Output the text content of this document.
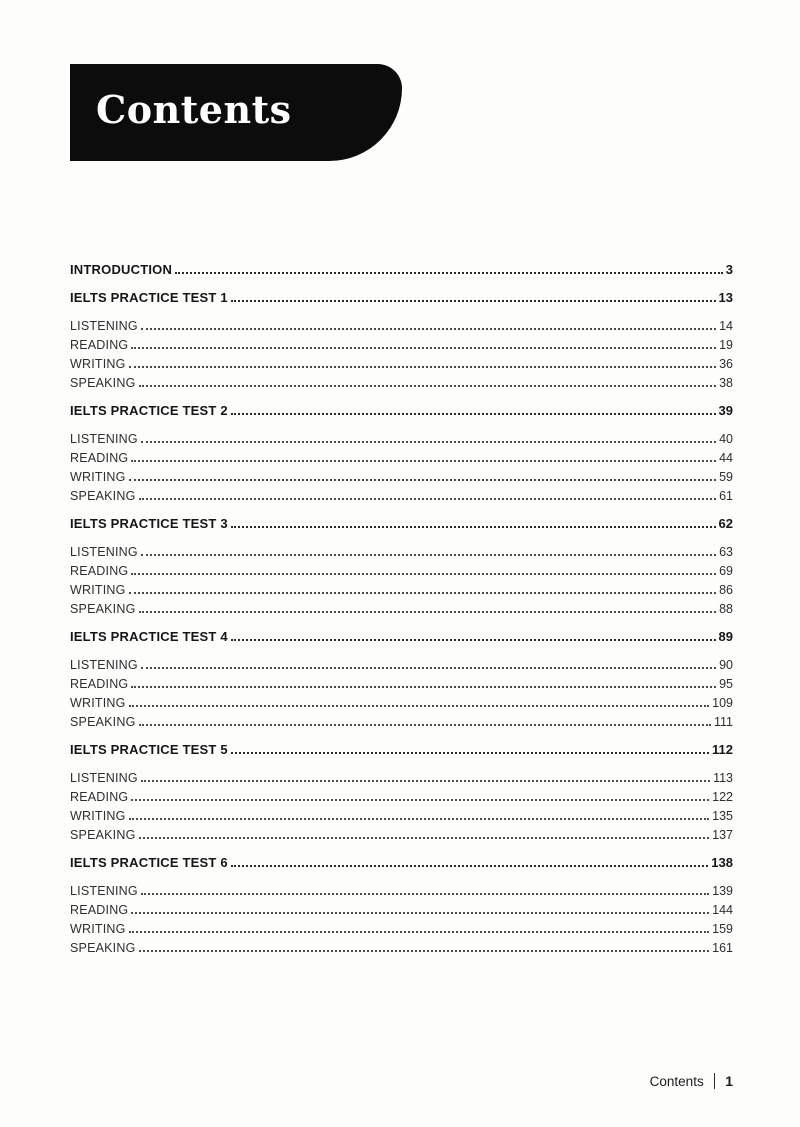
Contents
INTRODUCTION	3
IELTS PRACTICE TEST 1	13
LISTENING	14
READING	19
WRITING	36
SPEAKING	38
IELTS PRACTICE TEST 2	39
LISTENING	40
READING	44
WRITING	59
SPEAKING	61
IELTS PRACTICE TEST 3	62
LISTENING	63
READING	69
WRITING	86
SPEAKING	88
IELTS PRACTICE TEST 4	89
LISTENING	90
READING	95
WRITING	109
SPEAKING	111
IELTS PRACTICE TEST 5	112
LISTENING	113
READING	122
WRITING	135
SPEAKING	137
IELTS PRACTICE TEST 6	138
LISTENING	139
READING	144
WRITING	159
SPEAKING	161
Contents 1
